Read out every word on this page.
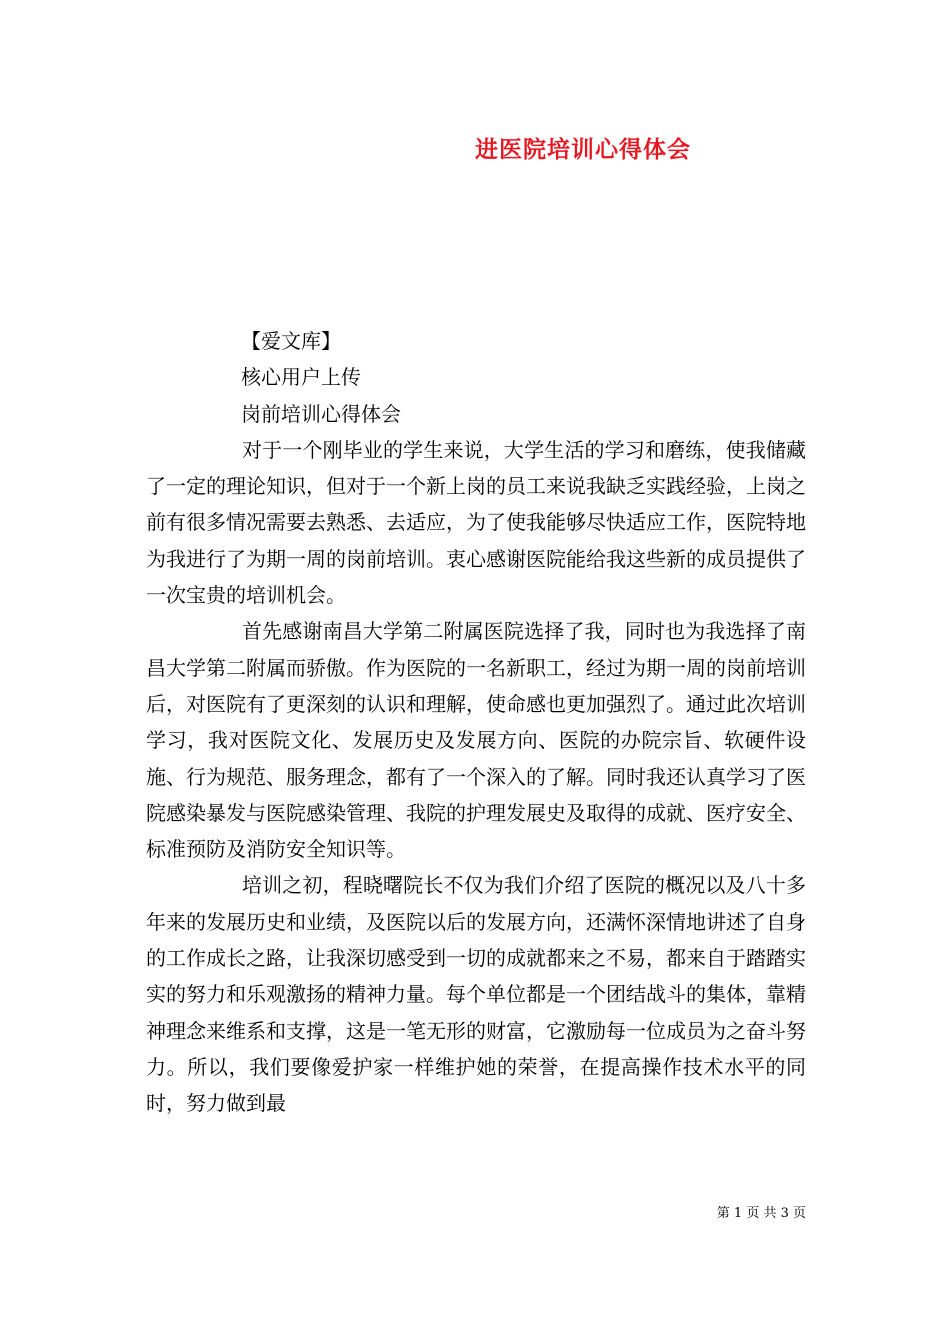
进医院培训心得体会

【爱文库】

核心用户上传

岗前培训心得体会

对于一个刚毕业的学生来说，大学生活的学习和磨练，使我储藏了一定的理论知识，但对于一个新上岗的员工来说我缺乏实践经验，上岗之前有很多情况需要去熟悉、去适应，为了使我能够尽快适应工作，医院特地为我进行了为期一周的岗前培训。衷心感谢医院能给我这些新的成员提供了一次宝贵的培训机会。

首先感谢南昌大学第二附属医院选择了我，同时也为我选择了南昌大学第二附属而骄傲。作为医院的一名新职工，经过为期一周的岗前培训后，对医院有了更深刻的认识和理解，使命感也更加强烈了。通过此次培训学习，我对医院文化、发展历史及发展方向、医院的办院宗旨、软硬件设施、行为规范、服务理念，都有了一个深入的了解。同时我还认真学习了医院感染暴发与医院感染管理、我院的护理发展史及取得的成就、医疗安全、标准预防及消防安全知识等。

培训之初，程晓曙院长不仅为我们介绍了医院的概况以及八十多年来的发展历史和业绩，及医院以后的发展方向，还满怀深情地讲述了自身的工作成长之路，让我深切感受到一切的成就都来之不易，都来自于踏踏实实的努力和乐观激扬的精神力量。每个单位都是一个团结战斗的集体，靠精神理念来维系和支撑，这是一笔无形的财富，它激励每一位成员为之奋斗努力。所以，我们要像爱护家一样维护她的荣誉，在提高操作技术水平的同时，努力做到最

第 1 页 共 3 页
